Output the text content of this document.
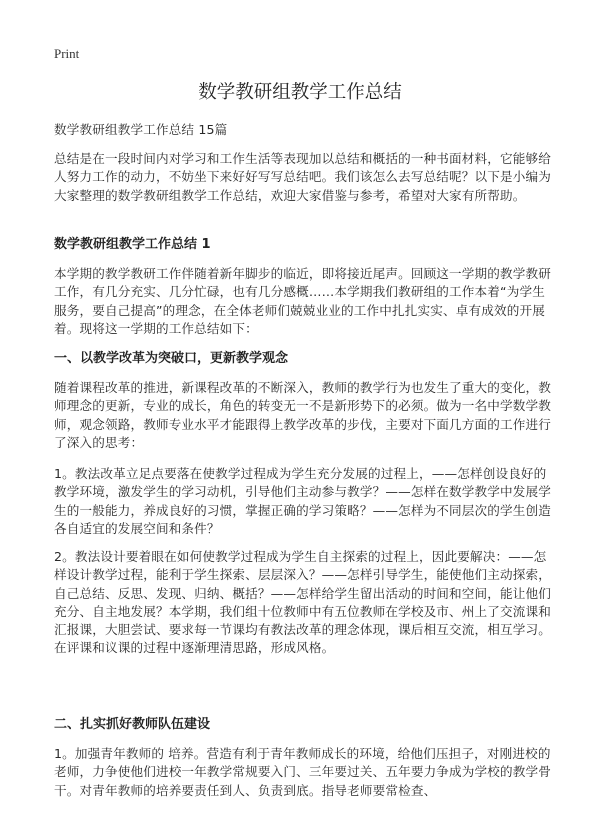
Print
数学教研组教学工作总结
数学教研组教学工作总结 15篇
总结是在一段时间内对学习和工作生活等表现加以总结和概括的一种书面材料，它能够给人努力工作的动力，不妨坐下来好好写写总结吧。我们该怎么去写总结呢？以下是小编为大家整理的数学教研组教学工作总结，欢迎大家借鉴与参考，希望对大家有所帮助。
数学教研组教学工作总结 1
本学期的教学教研工作伴随着新年脚步的临近，即将接近尾声。回顾这一学期的教学教研工作，有几分充实、几分忙碌，也有几分感概……本学期我们教研组的工作本着“为学生服务，要自己提高”的理念，在全体老师们兢兢业业的工作中扎扎实实、卓有成效的开展着。现将这一学期的工作总结如下：
一、以教学改革为突破口，更新教学观念
随着课程改革的推进，新课程改革的不断深入，教师的教学行为也发生了重大的变化，教师理念的更新，专业的成长，角色的转变无一不是新形势下的必须。做为一名中学数学教师，观念领路，教师专业水平才能跟得上教学改革的步伐，主要对下面几方面的工作进行了深入的思考：
1。教法改革立足点要落在使教学过程成为学生充分发展的过程上，——怎样创设良好的教学环境，激发学生的学习动机，引导他们主动参与教学？——怎样在数学教学中发展学生的一般能力，养成良好的习惯，掌握正确的学习策略？——怎样为不同层次的学生创造各自适宜的发展空间和条件？
2。教法设计要着眼在如何使教学过程成为学生自主探索的过程上，因此要解决：——怎样设计教学过程，能利于学生探索、层层深入？——怎样引导学生，能使他们主动探索，自己总结、反思、发现、归纳、概括？——怎样给学生留出活动的时间和空间，能让他们充分、自主地发展？本学期，我们组十位教师中有五位教师在学校及市、州上了交流课和汇报课，大胆尝试、要求每一节课均有教法改革的理念体现，课后相互交流，相互学习。在评课和议课的过程中逐渐理清思路，形成风格。
二、扎实抓好教师队伍建设
1。加强青年教师的 培养。营造有利于青年教师成长的环境，给他们压担子，对刚进校的老师，力争使他们进校一年教学常规要入门、三年要过关、五年要力争成为学校的教学骨干。对青年教师的培养要责任到人、负责到底。指导老师要常检查、
